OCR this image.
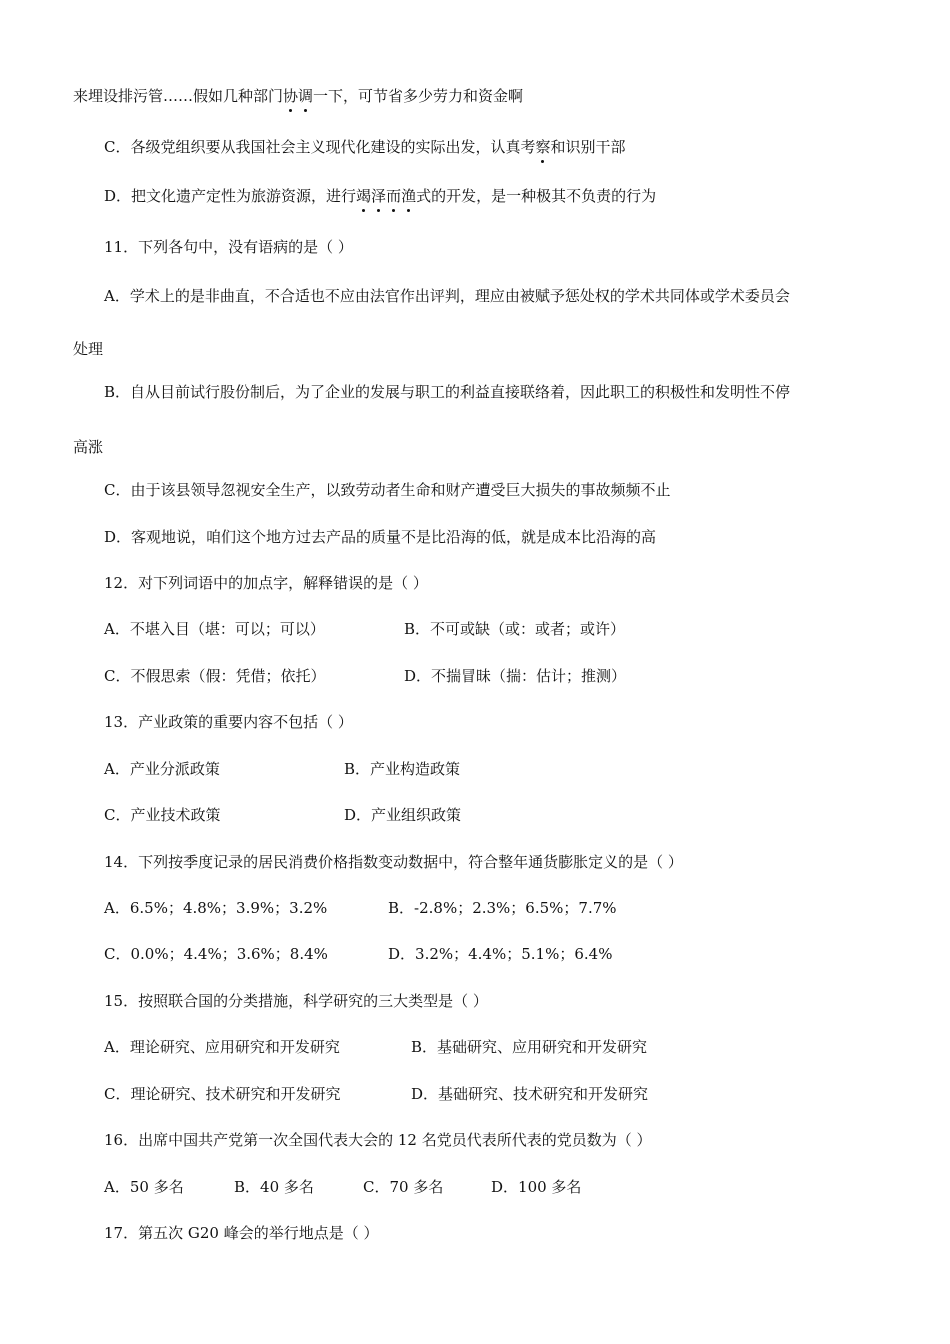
来埋设排污管……假如几种部门协调一下，可节省多少劳力和资金啊
C．各级党组织要从我国社会主义现代化建设的实际出发，认真考察和识别干部
D．把文化遗产定性为旅游资源，进行竭泽而渔式的开发，是一种极其不负责的行为
11．下列各句中，没有语病的是（ ）
A．学术上的是非曲直，不合适也不应由法官作出评判，理应由被赋予惩处权的学术共同体或学术委员会
处理
B．自从目前试行股份制后，为了企业的发展与职工的利益直接联络着，因此职工的积极性和发明性不停
高涨
C．由于该县领导忽视安全生产，以致劳动者生命和财产遭受巨大损失的事故频频不止
D．客观地说，咱们这个地方过去产品的质量不是比沿海的低，就是成本比沿海的高
12．对下列词语中的加点字，解释错误的是（ ）
A．不堪入目（堪：可以；可以）	B．不可或缺（或：或者；或许）
C．不假思索（假：凭借；依托）	D．不揣冒昧（揣：估计；推测）
13．产业政策的重要内容不包括（ ）
A．产业分派政策	B．产业构造政策
C．产业技术政策	D．产业组织政策
14．下列按季度记录的居民消费价格指数变动数据中，符合整年通货膨胀定义的是（ ）
A．6.5%；4.8%；3.9%；3.2%	B．-2.8%；2.3%；6.5%；7.7%
C．0.0%；4.4%；3.6%；8.4%	D．3.2%；4.4%；5.1%；6.4%
15．按照联合国的分类措施，科学研究的三大类型是（ ）
A．理论研究、应用研究和开发研究	B．基础研究、应用研究和开发研究
C．理论研究、技术研究和开发研究	D．基础研究、技术研究和开发研究
16．出席中国共产党第一次全国代表大会的 12 名党员代表所代表的党员数为（ ）
A．50 多名	B．40 多名	C．70 多名	D．100 多名
17．第五次 G20 峰会的举行地点是（ ）
